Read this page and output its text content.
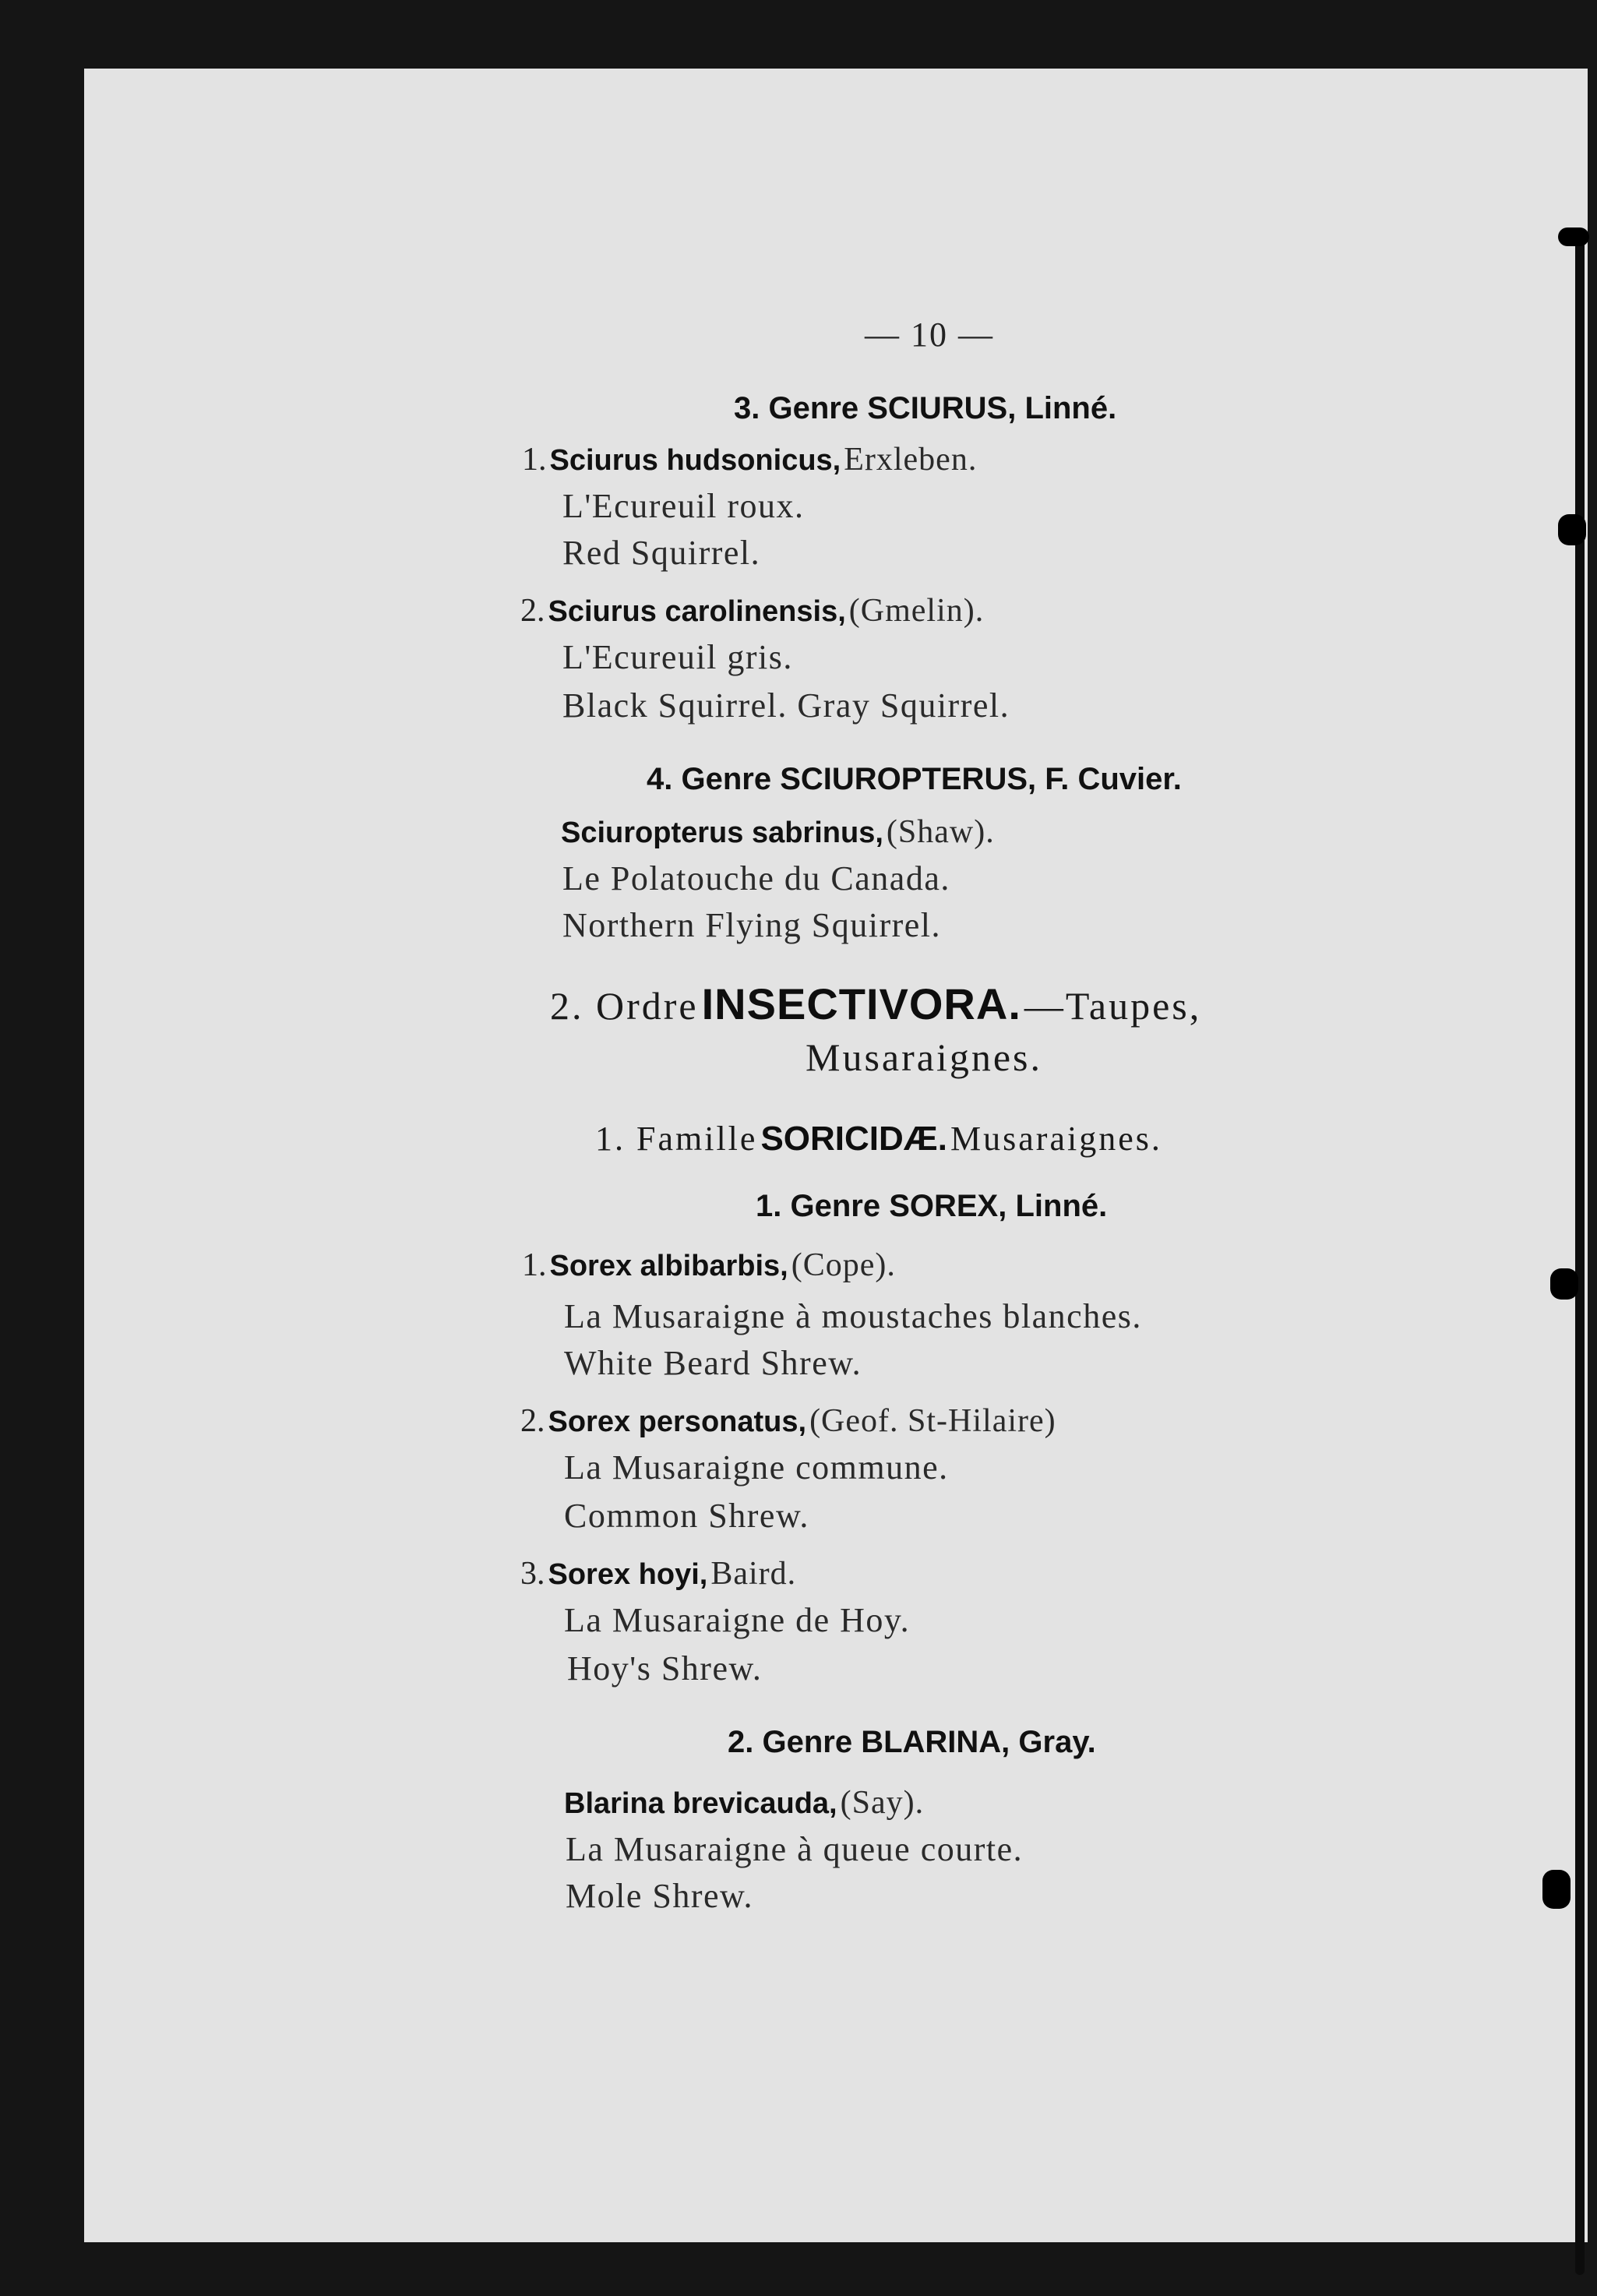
— 10 —
3. Genre SCIURUS, Linné.
1. Sciurus hudsonicus, Erxleben.
L'Ecureuil roux.
Red Squirrel.
2. Sciurus carolinensis, (Gmelin).
L'Ecureuil gris.
Black Squirrel. Gray Squirrel.
4. Genre SCIUROPTERUS, F. Cuvier.
Sciuropterus sabrinus, (Shaw).
Le Polatouche du Canada.
Northern Flying Squirrel.
2. Ordre INSECTIVORA. —Taupes,
Musaraignes.
1. Famille SORICIDÆ. Musaraignes.
1. Genre SOREX, Linné.
1. Sorex albibarbis, (Cope).
La Musaraigne à moustaches blanches.
White Beard Shrew.
2. Sorex personatus, (Geof. St-Hilaire)
La Musaraigne commune.
Common Shrew.
3. Sorex hoyi, Baird.
La Musaraigne de Hoy.
Hoy's Shrew.
2. Genre BLARINA, Gray.
Blarina brevicauda, (Say).
La Musaraigne à queue courte.
Mole Shrew.
